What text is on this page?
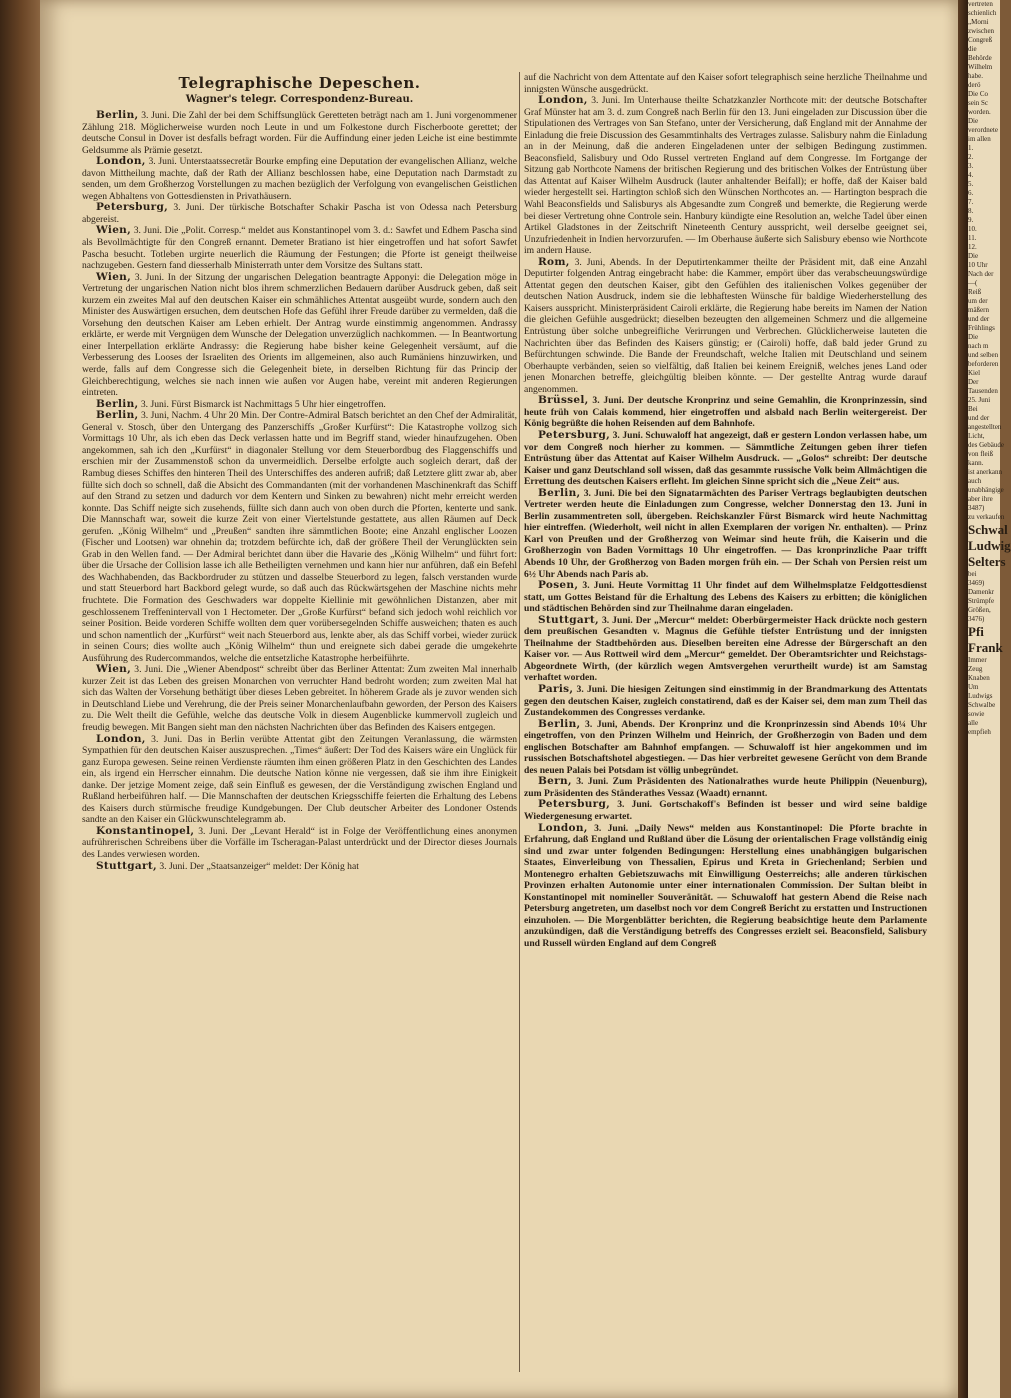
Telegraphische Depeschen.
Wagner's telegr. Correspondenz-Bureau.

Berlin, 3. Juni. Die Zahl der bei dem Schiffsunglück Geretteten beträgt nach am 1. Juni vorgenommener Zählung 218. Möglicherweise wurden noch Leute in und um Folkestone durch Fischerboote gerettet; der deutsche Consul in Dover ist desfalls befragt worden. Für die Auffindung einer jeden Leiche ist eine bestimmte Geldsumme als Prämie gesetzt.

London, 3. Juni. Unterstaatssecretär Bourke empfing eine Deputation der evangelischen Allianz, welche davon Mittheilung machte, daß der Rath der Allianz beschlossen habe, eine Deputation nach Darmstadt zu senden, um dem Großherzog Vorstellungen zu machen bezüglich der Verfolgung von evangelischen Geistlichen wegen Abhaltens von Gottesdiensten in Privathäusern.

Petersburg, 3. Juni. Der türkische Botschafter Schakir Pascha ist von Odessa nach Petersburg abgereist.

Wien, 3. Juni. Die „Polit. Corresp.“ meldet aus Konstantinopel vom 3. d.: Sawfet und Edhem Pascha sind als Bevollmächtigte für den Congreß ernannt. Demeter Bratiano ist hier eingetroffen und hat sofort Sawfet Pascha besucht. Totleben urgirte neuerlich die Räumung der Festungen; die Pforte ist geneigt theilweise nachzugeben. Gestern fand diesserhalb Ministerrath unter dem Vorsitze des Sultans statt.

Wien, 3. Juni. In der Sitzung der ungarischen Delegation beantragte Apponyi: die Delegation möge in Vertretung der ungarischen Nation nicht blos ihrem schmerzlichen Bedauern darüber Ausdruck geben, daß seit kurzem ein zweites Mal auf den deutschen Kaiser ein schmähliches Attentat ausgeübt wurde, sondern auch den Minister des Auswärtigen ersuchen, dem deutschen Hofe das Gefühl ihrer Freude darüber zu vermelden, daß die Vorsehung den deutschen Kaiser am Leben erhielt. Der Antrag wurde einstimmig angenommen. Andrassy erklärte, er werde mit Vergnügen dem Wunsche der Delegation unverzüglich nachkommen. — In Beantwortung einer Interpellation erklärte Andrassy: die Regierung habe bisher keine Gelegenheit versäumt, auf die Verbesserung des Looses der Israeliten des Orients im allgemeinen, also auch Rumäniens hinzuwirken, und werde, falls auf dem Congresse sich die Gelegenheit biete, in derselben Richtung für das Princip der Gleichberechtigung, welches sie nach innen wie außen vor Augen habe, vereint mit anderen Regierungen eintreten.

Berlin, 3. Juni. Fürst Bismarck ist Nachmittags 5 Uhr hier eingetroffen.

Berlin, 3. Juni, Nachm. 4 Uhr 20 Min. Der Contre-Admiral Batsch berichtet an den Chef der Admiralität, General v. Stosch, über den Untergang des Panzerschiffs „Großer Kurfürst“: Die Katastrophe vollzog sich Vormittags 10 Uhr, als ich eben das Deck verlassen hatte und im Begriff stand, wieder hinaufzugehen. Oben angekommen, sah ich den „Kurfürst“ in diagonaler Stellung vor dem Steuerbordbug des Flaggenschiffs und erschien mir der Zusammenstoß schon da unvermeidlich. Derselbe erfolgte auch sogleich derart, daß der Rambug dieses Schiffes den hinteren Theil des Unterschiffes des anderen aufriß; daß Letztere glitt zwar ab, aber füllte sich doch so schnell, daß die Absicht des Commandanten (mit der vorhandenen Maschinenkraft das Schiff auf den Strand zu setzen und dadurch vor dem Kentern und Sinken zu bewahren) nicht mehr erreicht werden konnte. Das Schiff neigte sich zusehends, füllte sich dann auch von oben durch die Pforten, kenterte und sank. Die Mannschaft war, soweit die kurze Zeit von einer Viertelstunde gestattete, aus allen Räumen auf Deck gerufen. „König Wilhelm“ und „Preußen“ sandten ihre sämmtlichen Boote; eine Anzahl englischer Loozen (Fischer und Lootsen) war ohnehin da; trotzdem befürchte ich, daß der größere Theil der Verunglückten sein Grab in den Wellen fand. — Der Admiral berichtet dann über die Havarie des „König Wilhelm“ und führt fort: über die Ursache der Collision lasse ich alle Betheiligten vernehmen und kann hier nur anführen, daß ein Befehl des Wachhabenden, das Backbordruder zu stützen und dasselbe Steuerbord zu legen, falsch verstanden wurde und statt Steuerbord hart Backbord gelegt wurde, so daß auch das Rückwärtsgehen der Maschine nichts mehr fruchtete. Die Formation des Geschwaders war doppelte Kiellinie mit gewöhnlichen Distanzen, aber mit geschlossenem Treffenintervall von 1 Hectometer. Der „Große Kurfürst“ befand sich jedoch wohl reichlich vor seiner Position. Beide vorderen Schiffe wollten dem quer vorübersegelnden Schiffe ausweichen; thaten es auch und schon namentlich der „Kurfürst“ weit nach Steuerbord aus, lenkte aber, als das Schiff vorbei, wieder zurück in seinen Cours; dies wollte auch „König Wilhelm“ thun und ereignete sich dabei gerade die umgekehrte Ausführung des Rudercommandos, welche die entsetzliche Katastrophe herbeiführte.

Wien, 3. Juni. Die „Wiener Abendpost“ schreibt über das Berliner Attentat: Zum zweiten Mal innerhalb kurzer Zeit ist das Leben des greisen Monarchen von verruchter Hand bedroht worden; zum zweiten Mal hat sich das Walten der Vorsehung bethätigt über dieses Leben gebreitet. In höherem Grade als je zuvor wenden sich in Deutschland Liebe und Verehrung, die der Preis seiner Monarchenlaufbahn geworden, der Person des Kaisers zu. Die Welt theilt die Gefühle, welche das deutsche Volk in diesem Augenblicke kummervoll zugleich und freudig bewegen. Mit Bangen sieht man den nächsten Nachrichten über das Befinden des Kaisers entgegen.

London, 3. Juni. Das in Berlin verübte Attentat gibt den Zeitungen Veranlassung, die wärmsten Sympathien für den deutschen Kaiser auszusprechen. „Times“ äußert: Der Tod des Kaisers wäre ein Unglück für ganz Europa gewesen. Seine reinen Verdienste räumten ihm einen größeren Platz in den Geschichten des Landes ein, als irgend ein Herrscher einnahm. Die deutsche Nation könne nie vergessen, daß sie ihm ihre Einigkeit danke. Der jetzige Moment zeige, daß sein Einfluß es gewesen, der die Verständigung zwischen England und Rußland herbeiführen half. — Die Mannschaften der deutschen Kriegsschiffe feierten die Erhaltung des Lebens des Kaisers durch stürmische freudige Kundgebungen. Der Club deutscher Arbeiter des Londoner Ostends sandte an den Kaiser ein Glückwunschtelegramm ab.

Konstantinopel, 3. Juni. Der „Levant Herald“ ist in Folge der Veröffentlichung eines anonymen aufrührerischen Schreibens über die Vorfälle im Tscheragan-Palast unterdrückt und der Director dieses Journals des Landes verwiesen worden.

Stuttgart, 3. Juni. Der „Staatsanzeiger“ meldet: Der König hat

auf die Nachricht von dem Attentate auf den Kaiser sofort telegraphisch seine herzliche Theilnahme und innigsten Wünsche ausgedrückt.

London, 3. Juni. Im Unterhause theilte Schatzkanzler Northcote mit: der deutsche Botschafter Graf Münster hat am 3. d. zum Congreß nach Berlin für den 13. Juni eingeladen zur Discussion über die Stipulationen des Vertrages von San Stefano, unter der Versicherung, daß England mit der Annahme der Einladung die freie Discussion des Gesammtinhalts des Vertrages zulasse. Salisbury nahm die Einladung an in der Meinung, daß die anderen Eingeladenen unter der selbigen Bedingung zustimmen. Beaconsfield, Salisbury und Odo Russel vertreten England auf dem Congresse. Im Fortgange der Sitzung gab Northcote Namens der britischen Regierung und des britischen Volkes der Entrüstung über das Attentat auf Kaiser Wilhelm Ausdruck (lauter anhaltender Beifall); er hoffe, daß der Kaiser bald wieder hergestellt sei. Hartington schloß sich den Wünschen Northcotes an. — Hartington besprach die Wahl Beaconsfields und Salisburys als Abgesandte zum Congreß und bemerkte, die Regierung werde bei dieser Vertretung ohne Controle sein. Hanbury kündigte eine Resolution an, welche Tadel über einen Artikel Gladstones in der Zeitschrift Nineteenth Century ausspricht, weil derselbe geeignet sei, Unzufriedenheit in Indien hervorzurufen. — Im Oberhause äußerte sich Salisbury ebenso wie Northcote im andern Hause.

Rom, 3. Juni, Abends. In der Deputirtenkammer theilte der Präsident mit, daß eine Anzahl Deputirter folgenden Antrag eingebracht habe: die Kammer, empört über das verabscheuungswürdige Attentat gegen den deutschen Kaiser, gibt den Gefühlen des italienischen Volkes gegenüber der deutschen Nation Ausdruck, indem sie die lebhaftesten Wünsche für baldige Wiederherstellung des Kaisers ausspricht. Ministerpräsident Cairoli erklärte, die Regierung habe bereits im Namen der Nation die gleichen Gefühle ausgedrückt; dieselben bezeugten den allgemeinen Schmerz und die allgemeine Entrüstung über solche unbegreifliche Verirrungen und Verbrechen. Glücklicherweise lauteten die Nachrichten über das Befinden des Kaisers günstig; er (Cairoli) hoffe, daß bald jeder Grund zu Befürchtungen schwinde. Die Bande der Freundschaft, welche Italien mit Deutschland und seinem Oberhaupte verbänden, seien so vielfältig, daß Italien bei keinem Ereigniß, welches jenes Land oder jenen Monarchen betreffe, gleichgültig bleiben könnte. — Der gestellte Antrag wurde darauf angenommen.

Brüssel, 3. Juni. Der deutsche Kronprinz und seine Gemahlin, die Kronprinzessin, sind heute früh von Calais kommend, hier eingetroffen und alsbald nach Berlin weitergereist. Der König begrüßte die hohen Reisenden auf dem Bahnhofe.

Petersburg, 3. Juni. Schuwaloff hat angezeigt, daß er gestern London verlassen habe, um vor dem Congreß noch hierher zu kommen. — Sämmtliche Zeitungen geben ihrer tiefen Entrüstung über das Attentat auf Kaiser Wilhelm Ausdruck. — „Golos“ schreibt: Der deutsche Kaiser und ganz Deutschland soll wissen, daß das gesammte russische Volk beim Allmächtigen die Errettung des deutschen Kaisers erfleht. Im gleichen Sinne spricht sich die „Neue Zeit“ aus.

Berlin, 3. Juni. Die bei den Signatarmächten des Pariser Vertrags beglaubigten deutschen Vertreter werden heute die Einladungen zum Congresse, welcher Donnerstag den 13. Juni in Berlin zusammentreten soll, übergeben. Reichskanzler Fürst Bismarck wird heute Nachmittag hier eintreffen. (Wiederholt, weil nicht in allen Exemplaren der vorigen Nr. enthalten). — Prinz Karl von Preußen und der Großherzog von Weimar sind heute früh, die Kaiserin und die Großherzogin von Baden Vormittags 10 Uhr eingetroffen. — Das kronprinzliche Paar trifft Abends 10 Uhr, der Großherzog von Baden morgen früh ein. — Der Schah von Persien reist um 6½ Uhr Abends nach Paris ab.

Posen, 3. Juni. Heute Vormittag 11 Uhr findet auf dem Wilhelmsplatze Feldgottesdienst statt, um Gottes Beistand für die Erhaltung des Lebens des Kaisers zu erbitten; die königlichen und städtischen Behörden sind zur Theilnahme daran eingeladen.

Stuttgart, 3. Juni. Der „Mercur“ meldet: Oberbürgermeister Hack drückte noch gestern dem preußischen Gesandten v. Magnus die Gefühle tiefster Entrüstung und der innigsten Theilnahme der Stadtbehörden aus. Dieselben bereiten eine Adresse der Bürgerschaft an den Kaiser vor. — Aus Rottweil wird dem „Mercur“ gemeldet. Der Oberamtsrichter und Reichstags-Abgeordnete Wirth, (der kürzlich wegen Amtsvergehen verurtheilt wurde) ist am Samstag verhaftet worden.

Paris, 3. Juni. Die hiesigen Zeitungen sind einstimmig in der Brandmarkung des Attentats gegen den deutschen Kaiser, zugleich constatirend, daß es der Kaiser sei, dem man zum Theil das Zustandekommen des Congresses verdanke.

Berlin, 3. Juni, Abends. Der Kronprinz und die Kronprinzessin sind Abends 10¼ Uhr eingetroffen, von den Prinzen Wilhelm und Heinrich, der Großherzogin von Baden und dem englischen Botschafter am Bahnhof empfangen. — Schuwaloff ist hier angekommen und im russischen Botschaftshotel abgestiegen. — Das hier verbreitet gewesene Gerücht von dem Brande des neuen Palais bei Potsdam ist völlig unbegründet.

Bern, 3. Juni. Zum Präsidenten des Nationalrathes wurde heute Philippin (Neuenburg), zum Präsidenten des Ständerathes Vessaz (Waadt) ernannt.

Petersburg, 3. Juni. Gortschakoff's Befinden ist besser und wird seine baldige Wiedergenesung erwartet.

London, 3. Juni. „Daily News“ melden aus Konstantinopel: Die Pforte brachte in Erfahrung, daß England und Rußland über die Lösung der orientalischen Frage vollständig einig sind und zwar unter folgenden Bedingungen: Herstellung eines unabhängigen bulgarischen Staates, Einverleibung von Thessalien, Epirus und Kreta in Griechenland; Serbien und Montenegro erhalten Gebietszuwachs mit Einwilligung Oesterreichs; alle anderen türkischen Provinzen erhalten Autonomie unter einer internationalen Commission. Der Sultan bleibt in Konstantinopel mit nomineller Souveränität. — Schuwaloff hat gestern Abend die Reise nach Petersburg angetreten, um daselbst noch vor dem Congreß Bericht zu erstatten und Instructionen einzuholen. — Die Morgenblätter berichten, die Regierung beabsichtige heute dem Parlamente anzukündigen, daß die Verständigung betreffs des Congresses erzielt sei. Beaconsfield, Salisbury und Russell würden England auf dem Congreß

vertreten
schienlich
„Morni
zwischen
Congreß
die
Behörde
Wilhelm
habe.
derö
Die Co
sein Sc
worden.
Die
verordnete
im allen
1.
2.
3.
4.
5.
6.
7.
8.
9.
10.
11.
12.
Die
10 Uhr
Nach der
—(
Reiß
um der
mäßern
und der
Frühlings
Die
nach m
und selben
beforderen
Kiel
Der
Tausenden
25. Juni
Bei
und der
angestellten
Licht,
des Gebäude
von fleiß
kann.
ist anerkann
auch
unabhängige
aber ihre
3487)
zu verkaufen
Schwal
Ludwig
Selters
bei
3469)
Damenkr
Strümpfe
Größen,
3476)
Pfi
Frank
Immer
Zeug
Knaben
Um
Ludwigs
Schwalbe
sowie
alle
empfieh
